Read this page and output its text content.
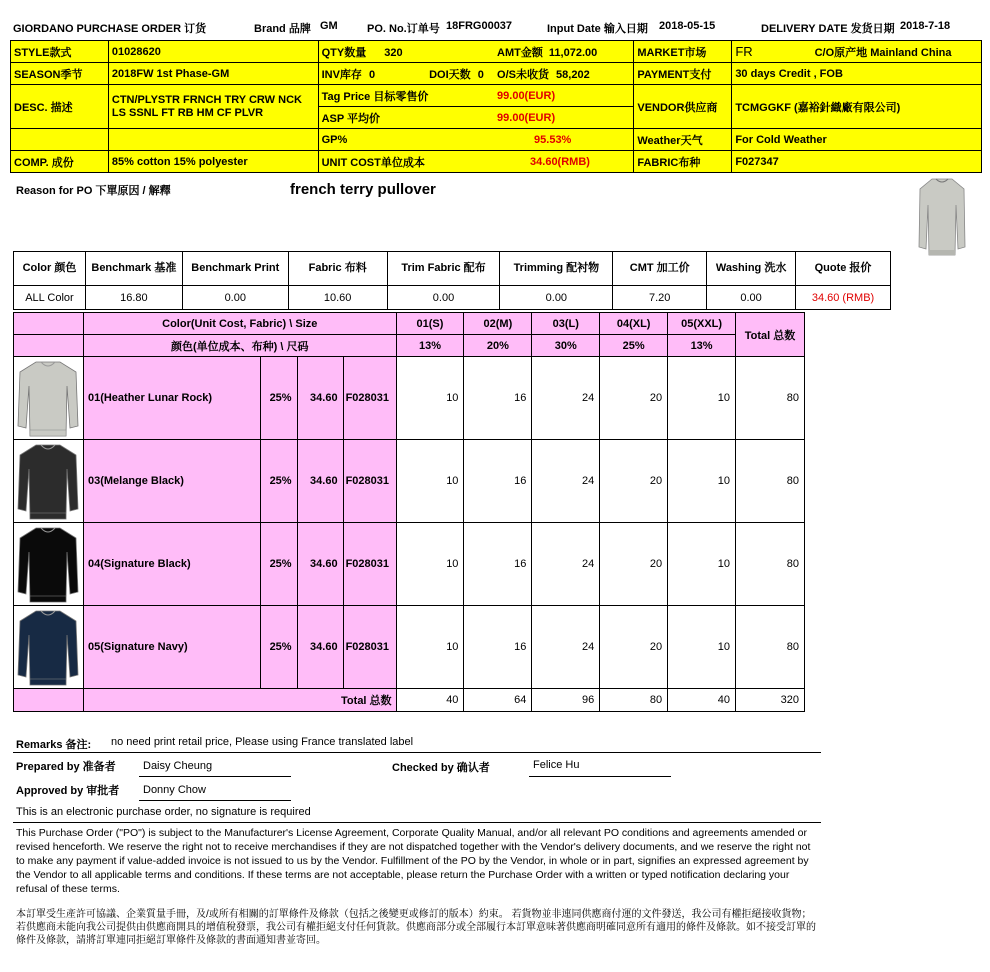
GIORDANO PURCHASE ORDER 订货	Brand 品牌 GM	PO. No.订单号 18FRG00037	Input Date 输入日期 2018-05-15	DELIVERY DATE 发货日期 2018-7-18
STYLE款式	01028620	QTY数量 320	AMT金额 11,072.00	MARKET市场	FR	C/O原产地 Mainland China
SEASON季节	2018FW 1st Phase-GM	INV库存 0 DOI天数 0	O/S未收货 58,202	PAYMENT支付	30 days Credit , FOB	
DESC. 描述	CTN/PLYSTR FRNCH TRY CRW NCK LS SSNL FT RB HM CF PLVR	Tag Price 目标零售价	99.00(EUR)	VENDOR供应商	TCMGGKF (嘉裕針織廠有限公司)	
		ASP 平均价	99.00(EUR)			
		GP%	95.53%	Weather天气	For Cold Weather	
COMP. 成份	85% cotton 15% polyester	UNIT COST单位成本	34.60(RMB)	FABRIC布种	F027347	
Reason for PO 下單原因 / 解釋	french terry pullover
Color 颜色	Benchmark 基准	Benchmark Print	Fabric 布料	Trim Fabric 配布	Trimming 配衬物	CMT 加工价	Washing 洗水	Quote 报价
ALL Color	16.80	0.00	10.60	0.00	0.00	7.20	0.00	34.60 (RMB)
	Color(Unit Cost, Fabric) \ Size				01(S)	02(M)	03(L)	04(XL)	05(XXL)	Total 总数
	颜色(单位成本、布种) \ 尺码				13%	20%	30%	25%	13%	

	01(Heather Lunar Rock)	25%	34.60	F028031	10	16	24	20	10	80

	03(Melange Black)	25%	34.60	F028031	10	16	24	20	10	80

	04(Signature Black)	25%	34.60	F028031	10	16	24	20	10	80

	05(Signature Navy)	25%	34.60	F028031	10	16	24	20	10	80
	Total 总数				40	64	96	80	40	320
Remarks 备注: no need print retail price, Please using France translated label
Prepared by 准备者 Daisy Cheung	Checked by 确认者	Felice Hu
Approved by 审批者 Donny Chow
This is an electronic purchase order, no signature is required
This Purchase Order ("PO") is subject to the Manufacturer's License Agreement, Corporate Quality Manual, and/or all relevant PO conditions and agreements amended or revised henceforth. We reserve the right not to receive merchandises if they are not dispatched together with the Vendor's delivery documents, and we reserve the right not to make any payment if value-added invoice is not issued to us by the Vendor. Fulfillment of the PO by the Vendor, in whole or in part, signifies an expressed agreement by the Vendor to all applicable terms and conditions. If these terms are not acceptable, please return the Purchase Order with a written or typed notification declaring your refusal of these terms.
本訂單受生產許可協議、企業質量手冊，及/或所有相關的訂單條件及條款（包括之後變更或修訂的版本）約束。 若貨物並非連同供應商付運的文件發送，我公司有權拒絕接收貨物；若供應商未能向我公司提供由供應商開具的增值稅發票，我公司有權拒絕支付任何貨款。供應商部分或全部履行本訂單意味著供應商明確同意所有適用的條件及條款。如不接受訂單的條件及條款，請將訂單連同拒絕訂單條件及條款的書面通知書並寄回。
